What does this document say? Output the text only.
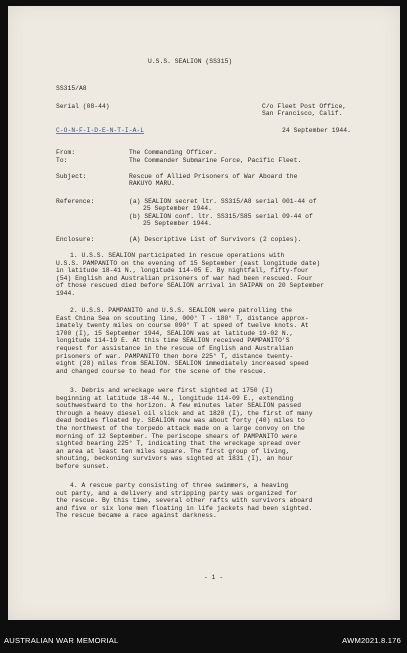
U.S.S. SEALION (SS315)
SS315/A8
Serial (08-44)	C/o Fleet Post Office,
San Francisco, Calif.
C-O-N-F-I-D-E-N-T-I-A-L	24 September 1944.
From:	The Commanding Officer.
To:	The Commander Submarine Force, Pacific Fleet.
Subject:	Rescue of Allied Prisoners of War Aboard the
RAKUYO MARU.
Reference:	(a) SEALION secret ltr. SS315/A8 serial 001-44 of
25 September 1944.
(b) SEALION conf. ltr. SS315/S85 serial 09-44 of
25 September 1944.
Enclosure:	(A) Descriptive List of Survivors (2 copies).
1. U.S.S. SEALION participated in rescue operations with
U.S.S. PAMPANITO on the evening of 15 September (east longitude date)
in latitude 18-41 N., longitude 114-05 E. By nightfall, fifty-four
(54) English and Australian prisoners of war had been rescued. Four
of those rescued died before SEALION arrival in SAIPAN on 20 September
1944.
2. U.S.S. PAMPANITO and U.S.S. SEALION were patrolling the
East China Sea on scouting line, 000° T - 180° T, distance approx-
imately twenty miles on course 090° T at speed of twelve knots. At
1700 (I), 15 September 1944, SEALION was at latitude 19-02 N.,
longitude 114-19 E. At this time SEALION received PAMPANITO'S
request for assistance in the rescue of English and Australian
prisoners of war. PAMPANITO then bore 225° T, distance twenty-
eight (28) miles from SEALION. SEALION immediately increased speed
and changed course to head for the scene of the rescue.
3. Debris and wreckage were first sighted at 1750 (I)
beginning at latitude 18-44 N., longitude 114-09 E., extending
southwestward to the horizon. A few minutes later SEALION passed
through a heavy diesel oil slick and at 1820 (I), the first of many
dead bodies floated by. SEALION now was about forty (40) miles to
the northwest of the torpedo attack made on a large convoy on the
morning of 12 September. The periscope shears of PAMPANITO were
sighted bearing 225° T, indicating that the wreckage spread over
an area at least ten miles square. The first group of living,
shouting, beckoning survivors was sighted at 1831 (I), an hour
before sunset.
4. A rescue party consisting of three swimmers, a heaving
out party, and a delivery and stripping party was organized for
the rescue. By this time, several other rafts with survivors aboard
and five or six lone men floating in life jackets had been sighted.
The rescue became a race against darkness.
- 1 -
AUSTRALIAN WAR MEMORIAL	AWM2021.8.176
